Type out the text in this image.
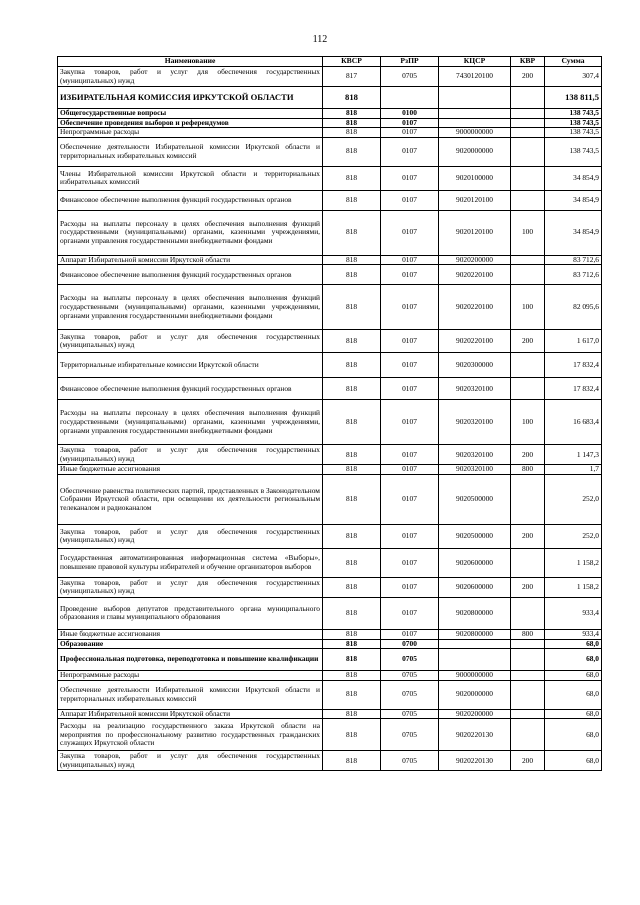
112
Наименование	КВСР	РзПР	КЦСР	КВР	Сумма
Закупка товаров, работ и услуг для обеспечения государственных (муниципальных) нужд	817	0705	7430120100	200	307,4
ИЗБИРАТЕЛЬНАЯ КОМИССИЯ ИРКУТСКОЙ ОБЛАСТИ	818				138 811,5
Общегосударственные вопросы	818	0100			138 743,5
Обеспечение проведения выборов и референдумов	818	0107			138 743,5
Непрограммные расходы	818	0107	9000000000		138 743,5
Обеспечение деятельности Избирательной комиссии Иркутской области и территориальных избирательных комиссий	818	0107	9020000000		138 743,5
Члены Избирательной комиссии Иркутской области и территориальных избирательных комиссий	818	0107	9020100000		34 854,9
Финансовое обеспечение выполнения функций государственных органов	818	0107	9020120100		34 854,9
Расходы на выплаты персоналу в целях обеспечения выполнения функций государственными (муниципальными) органами, казенными учреждениями, органами управления государственными внебюджетными фондами	818	0107	9020120100	100	34 854,9
Аппарат Избирательной комиссии Иркутской области	818	0107	9020200000		83 712,6
Финансовое обеспечение выполнения функций государственных органов	818	0107	9020220100		83 712,6
Расходы на выплаты персоналу в целях обеспечения выполнения функций государственными (муниципальными) органами, казенными учреждениями, органами управления государственными внебюджетными фондами	818	0107	9020220100	100	82 095,6
Закупка товаров, работ и услуг для обеспечения государственных (муниципальных) нужд	818	0107	9020220100	200	1 617,0
Территориальные избирательные комиссии Иркутской области	818	0107	9020300000		17 832,4
Финансовое обеспечение выполнения функций государственных органов	818	0107	9020320100		17 832,4
Расходы на выплаты персоналу в целях обеспечения выполнения функций государственными (муниципальными) органами, казенными учреждениями, органами управления государственными внебюджетными фондами	818	0107	9020320100	100	16 683,4
Закупка товаров, работ и услуг для обеспечения государственных (муниципальных) нужд	818	0107	9020320100	200	1 147,3
Иные бюджетные ассигнования	818	0107	9020320100	800	1,7
Обеспечение равенства политических партий, представленных в Законодательном Собрании Иркутской области, при освещении их деятельности региональным телеканалом и радиоканалом	818	0107	9020500000		252,0
Закупка товаров, работ и услуг для обеспечения государственных (муниципальных) нужд	818	0107	9020500000	200	252,0
Государственная автоматизированная информационная система «Выборы», повышение правовой культуры избирателей и обучение организаторов выборов	818	0107	9020600000		1 158,2
Закупка товаров, работ и услуг для обеспечения государственных (муниципальных) нужд	818	0107	9020600000	200	1 158,2
Проведение выборов депутатов представительного органа муниципального образования и главы муниципального образования	818	0107	9020800000		933,4
Иные бюджетные ассигнования	818	0107	9020800000	800	933,4
Образование	818	0700			68,0
Профессиональная подготовка, переподготовка и повышение квалификации	818	0705			68,0
Непрограммные расходы	818	0705	9000000000		68,0
Обеспечение деятельности Избирательной комиссии Иркутской области и территориальных избирательных комиссий	818	0705	9020000000		68,0
Аппарат Избирательной комиссии Иркутской области	818	0705	9020200000		68,0
Расходы на реализацию государственного заказа Иркутской области на мероприятия по профессиональному развитию государственных гражданских служащих Иркутской области	818	0705	9020220130		68,0
Закупка товаров, работ и услуг для обеспечения государственных (муниципальных) нужд	818	0705	9020220130	200	68,0
